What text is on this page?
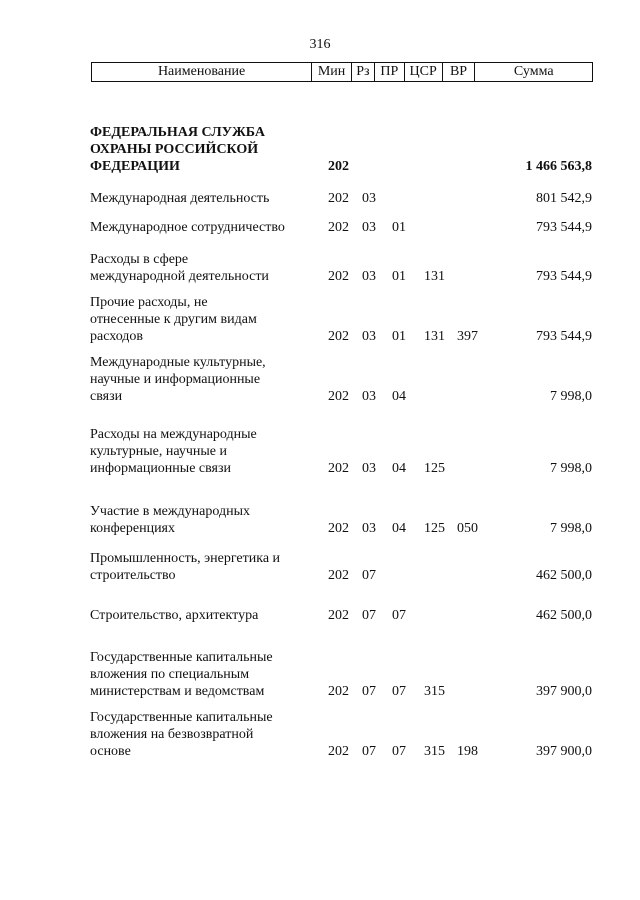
316
Наименование	Мин Рз ПР ЦСР ВР	Сумма
ФЕДЕРАЛЬНАЯ СЛУЖБА
ОХРАНЫ РОССИЙСКОЙ
ФЕДЕРАЦИИ	202	1 466 563,8
Международная деятельность	202 03	801 542,9
Международное сотрудничество	202 03 01	793 544,9
Расходы в сфере
международной деятельности	202 03 01 131	793 544,9
Прочие расходы, не
отнесенные к другим видам
расходов	202 03 01 131 397	793 544,9
Международные культурные,
научные и информационные
связи	202 03 04	7 998,0
Расходы на международные
культурные, научные и
информационные связи	202 03 04 125	7 998,0
Участие в международных
конференциях	202 03 04 125 050	7 998,0
Промышленность, энергетика и
строительство	202 07	462 500,0
Строительство, архитектура	202 07 07	462 500,0
Государственные капитальные
вложения по специальным
министерствам и ведомствам	202 07 07 315	397 900,0
Государственные капитальные
вложения на безвозвратной
основе	202 07 07 315 198	397 900,0
